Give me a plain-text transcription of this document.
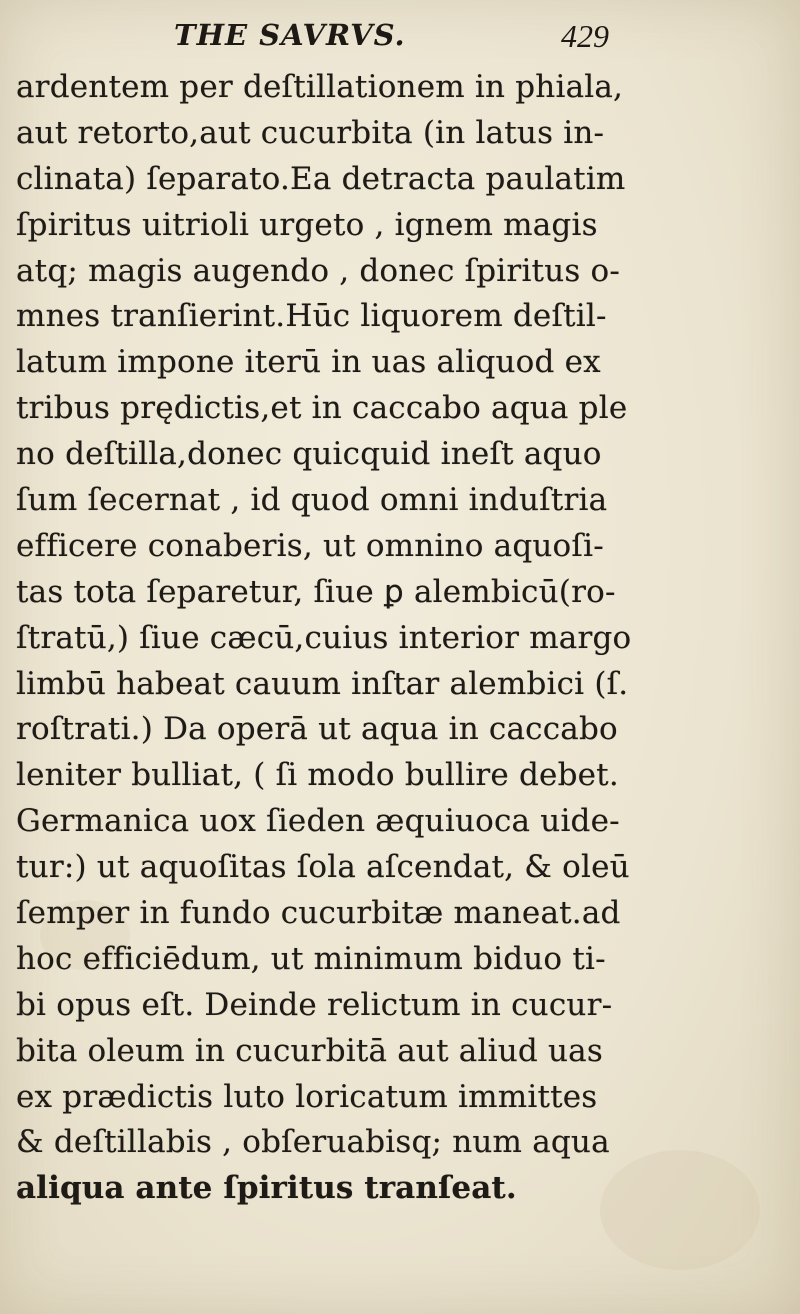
THE SAVRVS.	429
ardentem per deſtillationem in phiala,
aut retorto,aut cucurbita (in latus in-
clinata) ſeparato.Ea detracta paulatim
ſpiritus uitrioli urgeto , ignem magis
atq; magis augendo , donec ſpiritus o-
mnes tranſierint.Hūc liquorem deſtil-
latum impone iterū in uas aliquod ex
tribus prędictis,et in caccabo aqua ple
no deſtilla,donec quicquid ineſt aquo
ſum ſecernat , id quod omni induſtria
efficere conaberis, ut omnino aquoſi-
tas tota ſeparetur, ſiue ꝑ alembicū(ro-
ſtratū,) ſiue cæcū,cuius interior margo
limbū habeat cauum inſtar alembici (ſ.
roſtrati.) Da operā ut aqua in caccabo
leniter bulliat, ( ſi modo bullire debet.
Germanica uox ſieden æquiuoca uide-
tur:) ut aquoſitas ſola aſcendat, & oleū
ſemper in fundo cucurbitæ maneat.ad
hoc efficiēdum, ut minimum biduo ti-
bi opus eſt. Deinde relictum in cucur-
bita oleum in cucurbitā aut aliud uas
ex prædictis luto loricatum immittes
& deſtillabis , obſeruabisq; num aqua
aliqua ante ſpiritus tranſeat.
